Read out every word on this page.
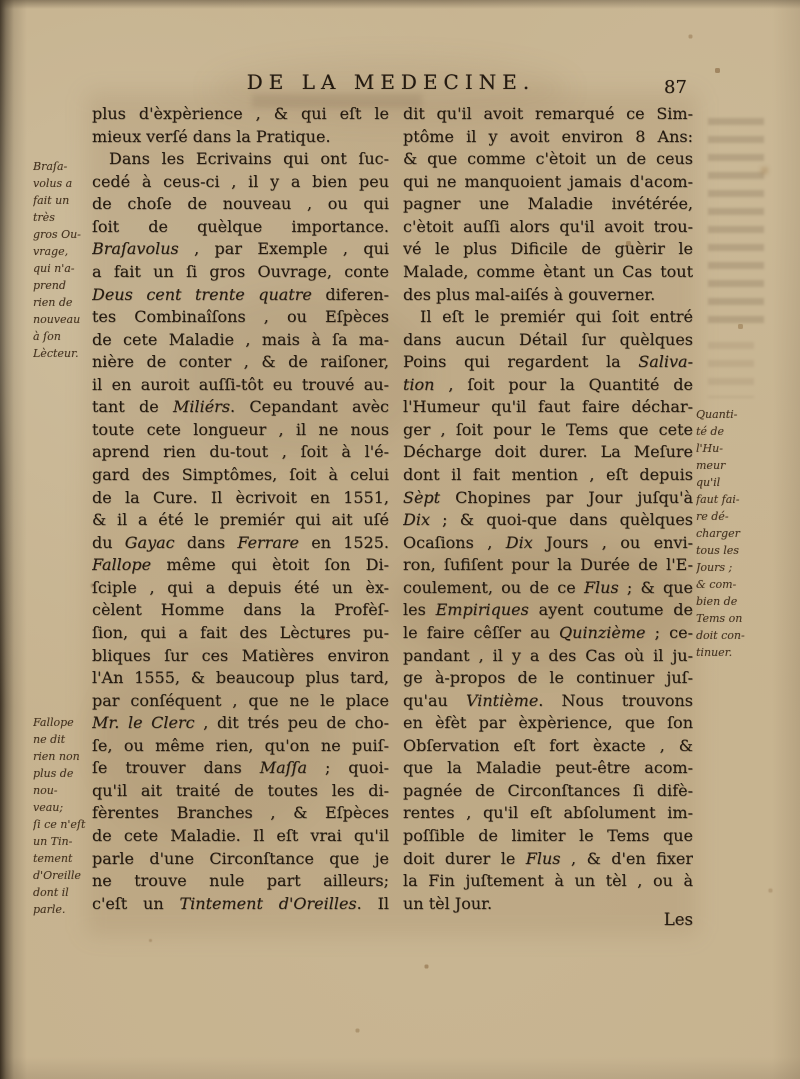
DE LA MEDECINE.	87
plus d'èxpèrience , & qui eſt le
mieux verſé dans la Pratique.
Dans les Ecrivains qui ont ſuc-
cedé à ceus-ci , il y a bien peu
de choſe de nouveau , ou qui
ſoit de quèlque importance.
Braſavolus , par Exemple , qui
a fait un ſi gros Ouvrage, conte
Deus cent trente quatre diferen-
tes Combinaîſons , ou Eſpèces
de cete Maladie , mais à ſa ma-
nière de conter , & de raiſoner,
il en auroit auſſi-tôt eu trouvé au-
tant de Miliérs. Cepandant avèc
toute cete longueur , il ne nous
aprend rien du-tout , ſoit à l'é-
gard des Simptômes, ſoit à celui
de la Cure. Il ècrivoit en 1551,
& il a été le premiér qui ait uſé
du Gayac dans Ferrare en 1525.
Fallope même qui ètoit ſon Di-
ſciple , qui a depuis été un èx-
cèlent Homme dans la Profèſ-
ſion, qui a fait des Lèctures pu-
bliques ſur ces Matières environ
l'An 1555, & beaucoup plus tard,
par conſéquent , que ne le place
Mr. le Clerc , dit trés peu de cho-
ſe, ou même rien, qu'on ne puiſ-
ſe trouver dans Maſſa ; quoi-
qu'il ait traité de toutes les di-
fèrentes Branches , & Eſpèces
de cete Maladie. Il eſt vrai qu'il
parle d'une Circonſtance que je
ne trouve nule part ailleurs;
c'eſt un Tintement d'Oreilles. Il
dit qu'il avoit remarqué ce Sim-
ptôme il y avoit environ 8 Ans:
& que comme c'ètoit un de ceus
qui ne manquoient jamais d'acom-
pagner une Maladie invétérée,
c'ètoit auſſi alors qu'il avoit trou-
vé le plus Dificile de guèrir le
Malade, comme ètant un Cas tout
des plus mal-aiſés à gouverner.
Il eſt le premiér qui ſoit entré
dans aucun Détail ſur quèlques
Poins qui regardent la Saliva-
tion , ſoit pour la Quantité de
l'Humeur qu'il faut faire déchar-
ger , ſoit pour le Tems que cete
Décharge doit durer. La Meſure
dont il fait mention , eſt depuis
Sèpt Chopines par Jour juſqu'à
Dix ; & quoi-que dans quèlques
Ocaſions , Dix Jours , ou envi-
ron, ſufiſent pour la Durée de l'E-
coulement, ou de ce Flus ; & que
les Empiriques ayent coutume de
le faire cêſſer au Quinzième ; ce-
pandant , il y a des Cas où il ju-
ge à-propos de le continuer juſ-
qu'au Vintième. Nous trouvons
en èfèt par èxpèrience, que ſon
Obſervation eſt fort èxacte , &
que la Maladie peut-être acom-
pagnée de Circonſtances ſi difè-
rentes , qu'il eſt abſolument im-
poſſible de limiter le Tems que
doit durer le Flus , & d'en fixer
la Fin juſtement à un tèl , ou à
un tèl Jour.
Braſa-
volus a
fait un
très
gros Ou-
vrage,
qui n'a-
prend
rien de
nouveau
à ſon
Lècteur.
Fallope
ne dit
rien non
plus de
nou-
veau;
ſi ce n'eſt
un Tin-
tement
d'Oreille
dont il
parle.
Quanti-
té de
l'Hu-
meur
qu'il
faut fai-
re dé-
charger
tous les
Jours ;
& com-
bien de
Tems on
doit con-
tinuer.
Les
